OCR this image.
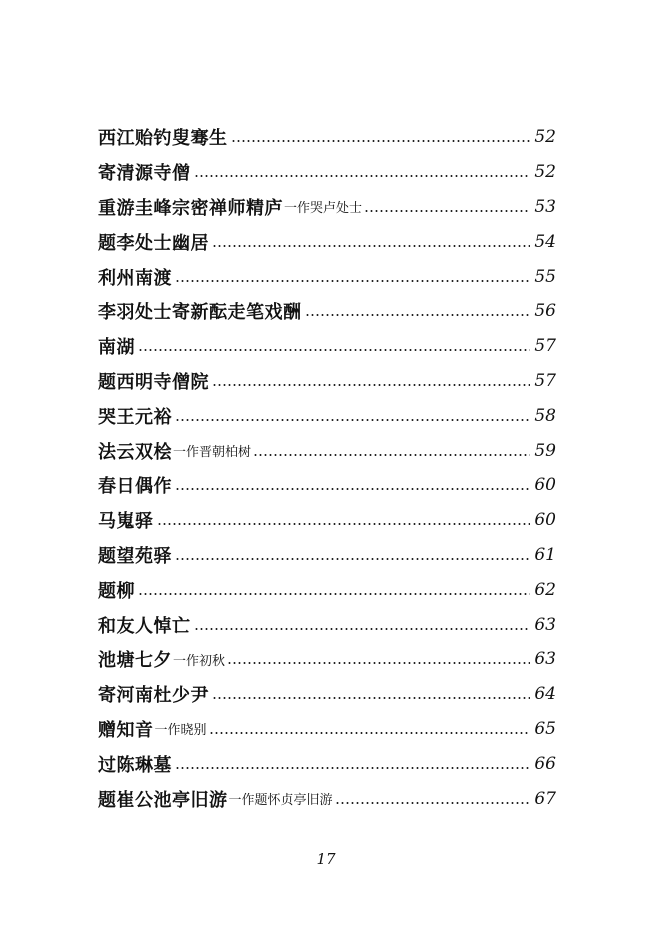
西江贻钓叟骞生	52
寄清源寺僧	52
重游圭峰宗密禅师精庐 一作哭卢处士	53
题李处士幽居	54
利州南渡	55
李羽处士寄新酝走笔戏酬	56
南湖	57
题西明寺僧院	57
哭王元裕	58
法云双桧 一作晋朝柏树	59
春日偶作	60
马嵬驿	60
题望苑驿	61
题柳	62
和友人悼亡	63
池塘七夕 一作初秋	63
寄河南杜少尹	64
赠知音 一作晓别	65
过陈琳墓	66
题崔公池亭旧游 一作题怀贞亭旧游	67
17
